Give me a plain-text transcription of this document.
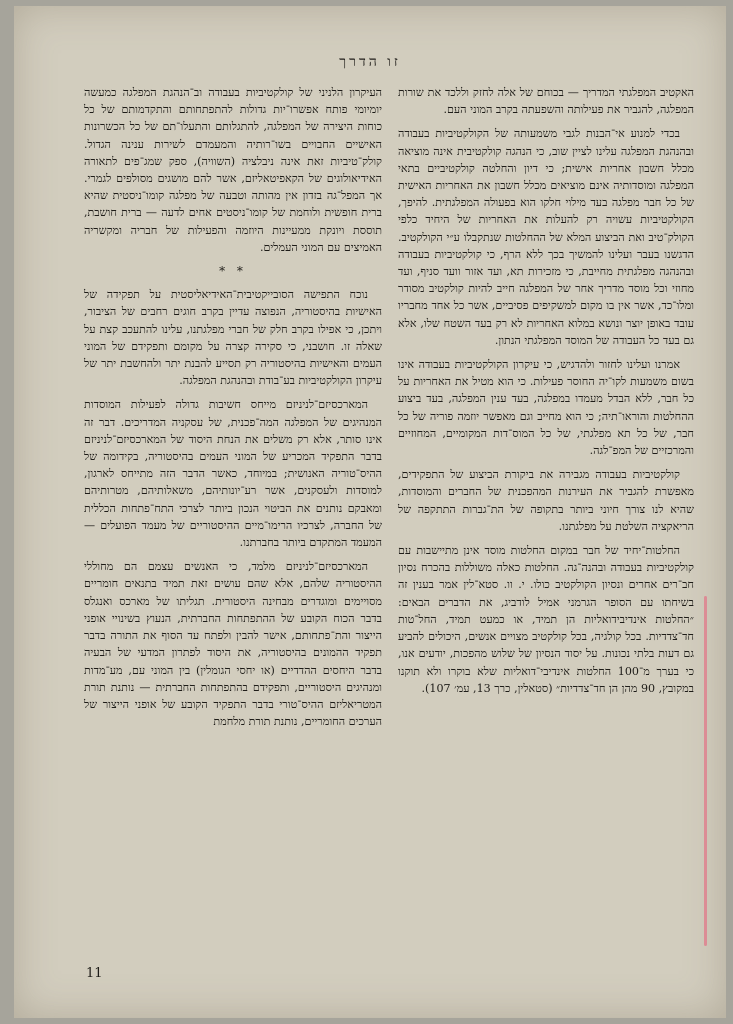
זו הדרך

האקטיב המפלגתי המדריך — בכוחם של אלה לחזק וללכד את שורות המפלגה, להגביר את פעילותה והשפעתה בקרב המוני העם.

בכדי למנוע אי־הבנות לגבי משמעותה של הקולקטיביות בעבודה ובהנהגת המפלגה עלינו לציין שוב, כי הנהגה קולקטיבית אינה מוציאה מכלל חשבון אחריות אישית; כי דיון והחלטה קולקטיביים בתאי המפלגה ומוסדותיה אינם מוציאים מכלל חשבון את האחריות האישית של כל חבר מפלגה בעד מילוי חלקו הוא בפעולה המפלגתית. להיפך, הקולקטיביות עשויה רק להעלות את האחריות של היחיד כלפי הקולק־טיב ואת הביצוע המלא של ההחלטות שנתקבלו ע״י הקולקטיב. הדגשנו בעבר ועלינו להמשיך בכך ללא הרף, כי קולקטיביות בעבודה ובהנהגה מפלגתית מחייבת, כי מזכירות תא, ועד אזור וועד סניף, ועד מחוזי וכל מוסד מדריך אחר של המפלגה חייב להיות קולקטיב מסודר ומלו־כד, אשר אין בו מקום למשקיפים פסיביים, אשר כל אחד מחבריו עובד באופן יוצר ונושא במלוא האחריות לא רק בעד השטח שלו, אלא גם בעד כל העבודה של המוסד המפלגתי הנתון.

אמרנו ועלינו לחזור ולהדגיש, כי עיקרון הקולקטיביות בעבודה אינו בשום משמעות לקו־יה החוסר פעילות. כי הוא מטיל את האחריות על כל חבר, ללא הבדל מעמדו במפלגה, בעד ענין המפלגה, בעד ביצוע ההחלטות והוראו־תיה; כי הוא מחייב וגם מאפשר יוזמה פוריה של כל חבר, של כל תא מפלגתי, של כל המוס־דות המקומיים, המחוזיים והמרכזיים של המפ־לגה.

קולקטיביות בעבודה מגבירה את ביקורת הביצוע של התפקידים, מאפשרת להגביר את העירנות המהפכנית של החברים והמוסדות, שהיא לנו צורך חיוני ביותר בתקופה של הת־גברות התתקפה של הריאקציה השלטת על מפלגתנו.

החלטות־יחיד של חבר במקום החלטות מוסד אינן מתיישבות עם קולקטיביות בעבודה ובהנה־גה. החלטות כאלה משוללות בהכרח נסיון חב־רים אחרים ונסיון הקולקטיב כולו. י. וו. סטא־לין אמר בענין זה בשיחתו עם הסופר הגרמני אמיל לודביג, את הדברים הבאים: ״החלטות אינדיבידואליות הן תמיד, או כמעט תמיד, החל־טות חד־צדדיות. בכל קולגיה, בכל קולקטיב מצויים אנשים, היכולים להביע גם דעות בלתי נכונות. על יסוד הנסיון של שלוש מהפכות, יודעים אנו, כי בערך מ־100 החלטות אינדיבי־דואליות שלא בוקרו ולא תוקנו במקובץ, 90 מהן הן חד־צדדיות״ (סטאלין, כרך 13, עמ׳ 107).

העיקרון הלניני של קולקטיביות בעבודה וב־הנהגת המפלגה כמעשה יומיומי פותח אפשרו־יות גדולות להתפתחותם והתקדמותם של כל כוחות היצירה של המפלגה, להתגלותם והתעלו־תם של כל הכשרונות האישיים החבויים בשו־רותיה והמעמדם לשירות ענינה הגדול. קולק־טיביות זאת אינה ניבלציה (השוויה), ספק שמג־פים לתאורה האידיאולוגים של הקאפיטאליזם, אשר להם מושגים מסולפים לגמרי. אך המפל־גה בזדון אין מהותה וטבעה של מפלגה קומו־ניסטית שהיא ברית חופשית ולוחמת של קומו־ניסטים אחים לדעה — ברית חושבת, תוססת ויונקת ממעיינות היוזמה והפעילות של חבריה ומקשריה האמיצים עם המוני העמלים.

* *

נוכח התפישה הסובייקטיבית־האידיאליסטית על תפקידה של האישיות בהיסטוריה, הנפוצה עדיין בקרב חוגים רחבים של הציבור, ויתכן, כי אפילו בקרב חלק של חברי מפלגתנו, עלינו להתעכב קצת על שאלה זו. חושבני, כי סקירה קצרה על מקומם ותפקידם של המוני העמים והאישיות בהיסטוריה רק תסייע להבנת יתר ולהחשבת יתר של עיקרון הקולקטיביות בע־בודת ובהנהגת המפלגה.

המארכסיזם־לניניזם מייחס חשיבות גדולה לפעילות המוסדות המנהיגים של המפלגה המה־פכנית, של עסקניה המדריכים. דבר זה אינו סותר, אלא רק משלים את הנחת היסוד של המארכסיזם־לניניזם בדבר התפקיד המכריע של המוני העמים בהיסטוריה, בקידומה של ההיס־טוריה האנושית; במיוחד, כאשר הדבר הזה מתייחס לארגון, למוסדות ולעסקנים, אשר רע־יונותיהם, משאלותיהם, מטרותיהם ומאבקם נותנים את הביטוי הנכון ביותר לצרכי התח־פתחות הכללית של החברה, לצרכיו הרימו־מיים ההיסטוריים של מעמד הפועלים — המעמד המתקדם ביותר בחברתנו.

המארכסיזם־לניניזם מלמד, כי האנשים עצמם הם מחוללי ההיסטוריה שלהם, אלא שהם עושים זאת תמיד בתנאים חומריים מסויימים ומוגדרים מבחינה היסטורית. תגליתו של מארכס ואנגלס בדבר הכוח הקובע של ההתפתחות החברתית, הנעוץ בשינויי אופני הייצור והת־פתחותם, אישר להבין ולפתח עד הסוף את התורה בדבר תפקיד ההמונים בהיסטוריה, את היסוד לפתרון המדעי של הבעיה בדבר היחסים ההדדיים (או יחסי הגומלין) בין המוני עם, מע־מדות ומנהיגים היסטוריים, ותפקידם בהתפתחות החברתית — נותנת תורת המטריאליזם ההיס־טורי בדבר התפקיד הקובע של אופני הייצור של הערכים החומריים, נותנת תורת מלחמת

11
